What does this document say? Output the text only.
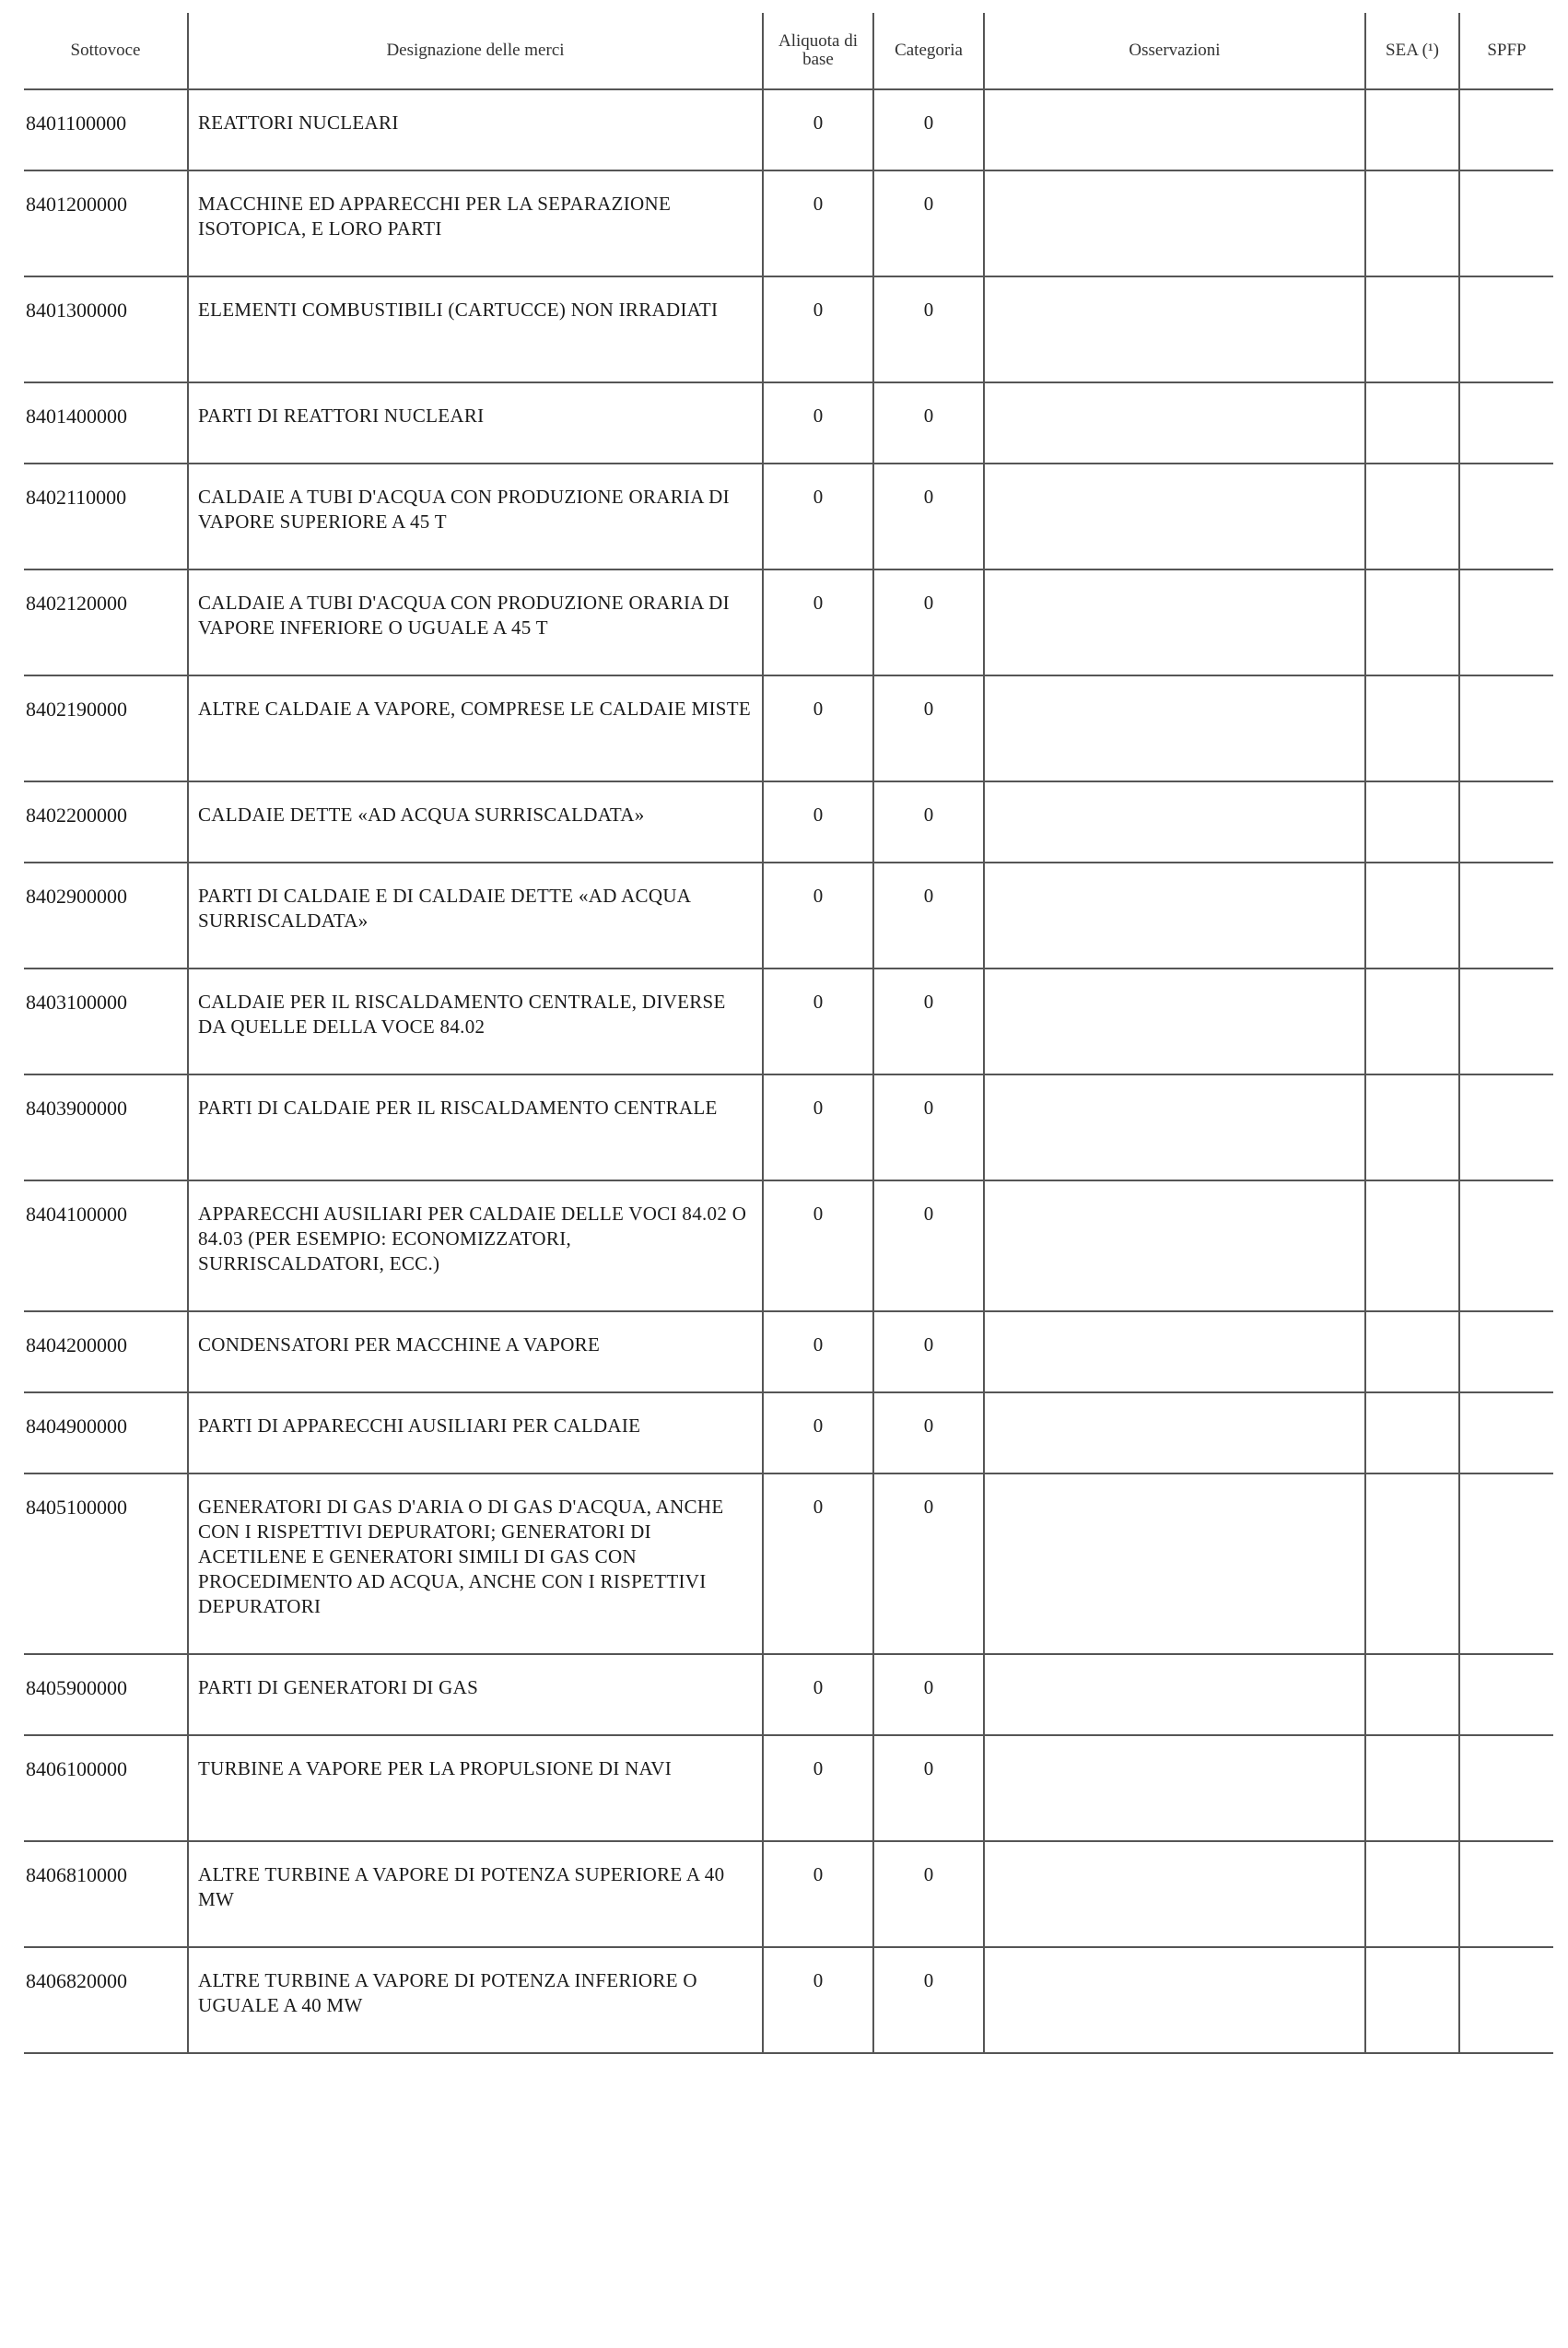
Sottovoce	Designazione delle merci	Aliquota di base	Categoria	Osservazioni	SEA (¹)	SPFP
8401100000	REATTORI NUCLEARI	0	0			
8401200000	MACCHINE ED APPARECCHI PER LA SEPARAZIONE ISOTOPICA, E LORO PARTI	0	0			
8401300000	ELEMENTI COMBUSTIBILI (CARTUCCE) NON IRRADIATI	0	0			
8401400000	PARTI DI REATTORI NUCLEARI	0	0			
8402110000	CALDAIE A TUBI D'ACQUA CON PRODUZIONE ORARIA DI VAPORE SUPERIORE A 45 T	0	0			
8402120000	CALDAIE A TUBI D'ACQUA CON PRODUZIONE ORARIA DI VAPORE INFERIORE O UGUALE A 45 T	0	0			
8402190000	ALTRE CALDAIE A VAPORE, COMPRESE LE CALDAIE MISTE	0	0			
8402200000	CALDAIE DETTE «AD ACQUA SURRISCALDATA»	0	0			
8402900000	PARTI DI CALDAIE E DI CALDAIE DETTE «AD ACQUA SURRISCALDATA»	0	0			
8403100000	CALDAIE PER IL RISCALDAMENTO CENTRALE, DIVERSE DA QUELLE DELLA VOCE 84.02	0	0			
8403900000	PARTI DI CALDAIE PER IL RISCALDAMENTO CENTRALE	0	0			
8404100000	APPARECCHI AUSILIARI PER CALDAIE DELLE VOCI 84.02 O 84.03 (PER ESEMPIO: ECONOMIZZATORI, SURRISCALDATORI, ECC.)	0	0			
8404200000	CONDENSATORI PER MACCHINE A VAPORE	0	0			
8404900000	PARTI DI APPARECCHI AUSILIARI PER CALDAIE	0	0			
8405100000	GENERATORI DI GAS D'ARIA O DI GAS D'ACQUA, ANCHE CON I RISPETTIVI DEPURATORI; GENERATORI DI ACETILENE E GENERATORI SIMILI DI GAS CON PROCEDIMENTO AD ACQUA, ANCHE CON I RISPETTIVI DEPURATORI	0	0			
8405900000	PARTI DI GENERATORI DI GAS	0	0			
8406100000	TURBINE A VAPORE PER LA PROPULSIONE DI NAVI	0	0			
8406810000	ALTRE TURBINE A VAPORE DI POTENZA SUPERIORE A 40 MW	0	0			
8406820000	ALTRE TURBINE A VAPORE DI POTENZA INFERIORE O UGUALE A 40 MW	0	0			
